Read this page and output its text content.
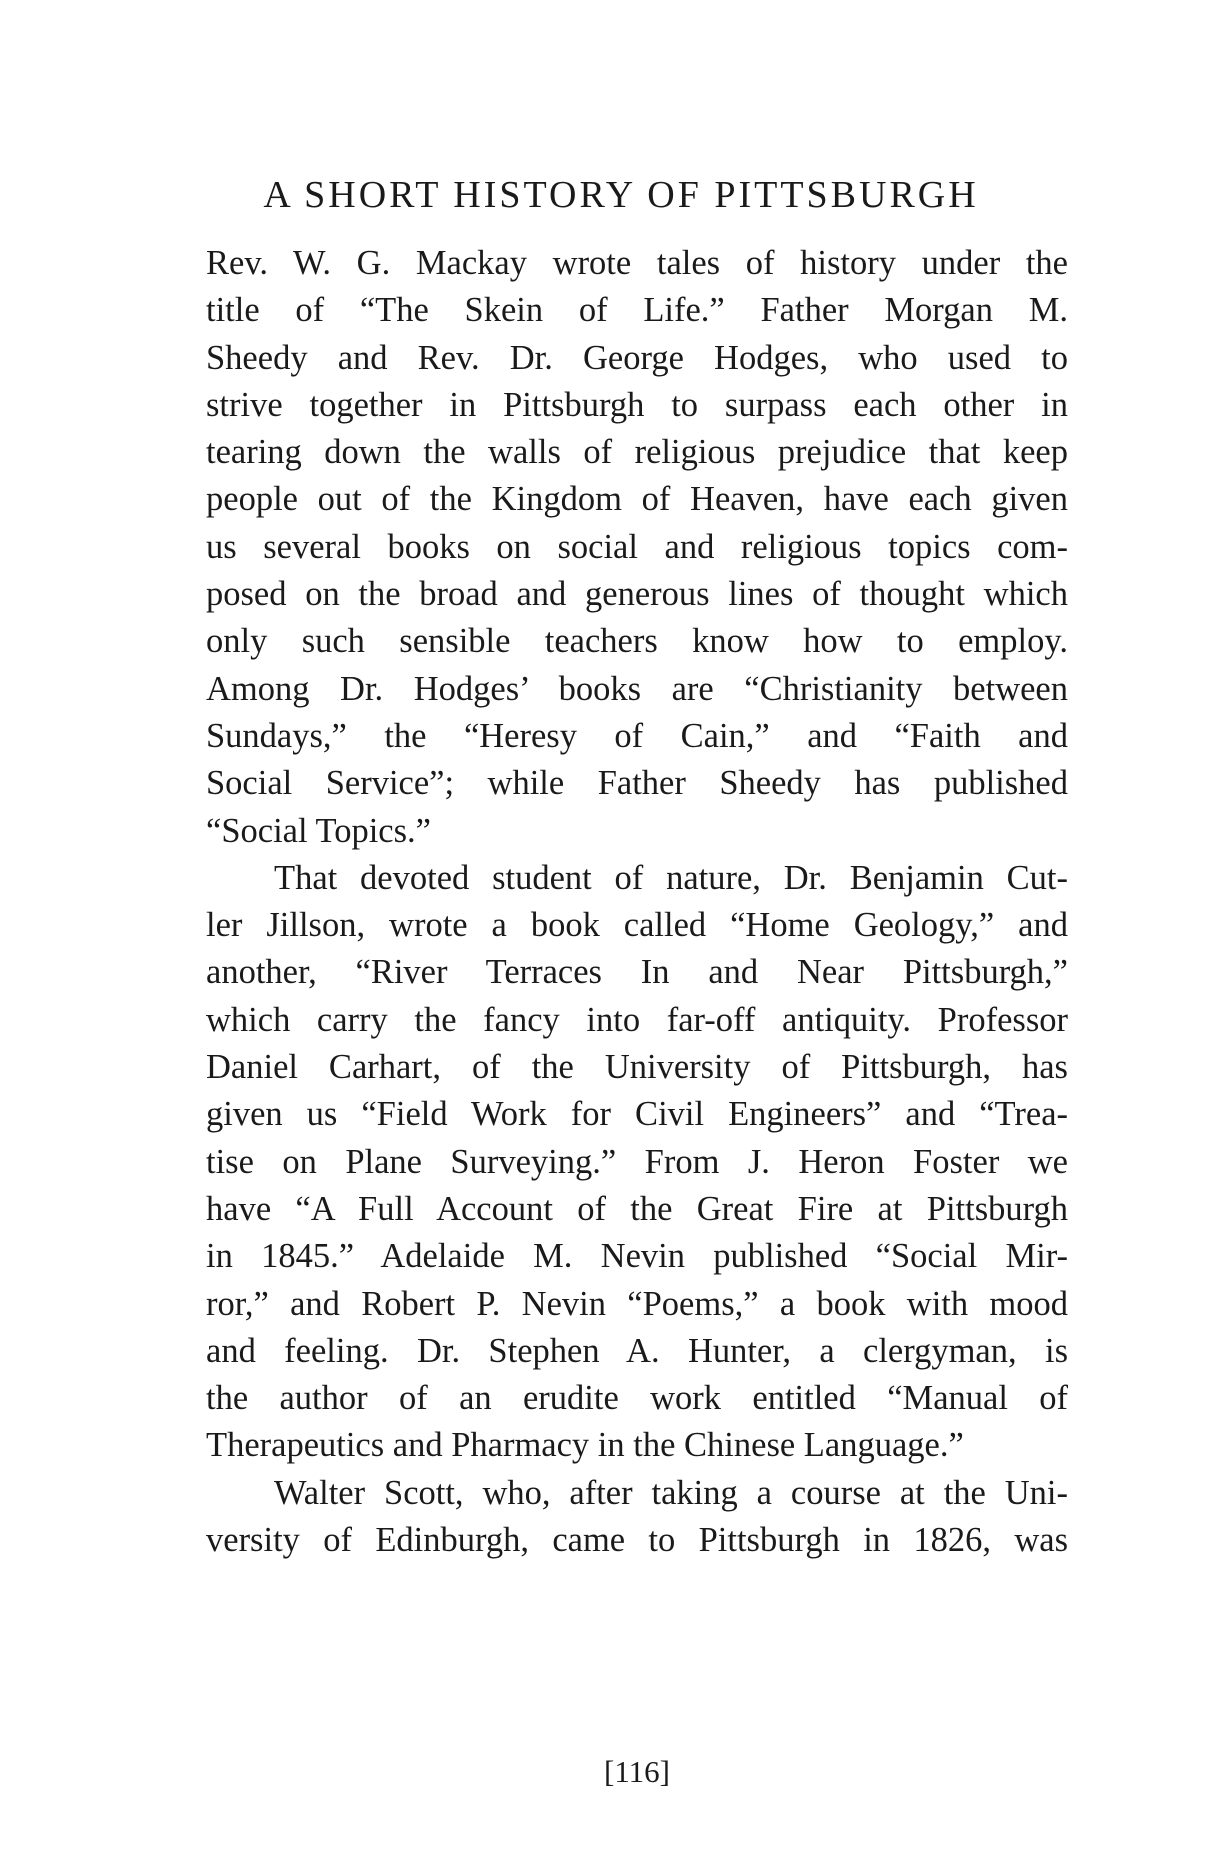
A SHORT HISTORY OF PITTSBURGH

Rev. W. G. Mackay wrote tales of history under the
title of “The Skein of Life.” Father Morgan M.
Sheedy and Rev. Dr. George Hodges, who used to
strive together in Pittsburgh to surpass each other in
tearing down the walls of religious prejudice that keep
people out of the Kingdom of Heaven, have each given
us several books on social and religious topics com-
posed on the broad and generous lines of thought which
only such sensible teachers know how to employ.
Among Dr. Hodges’ books are “Christianity between
Sundays,” the “Heresy of Cain,” and “Faith and
Social Service”; while Father Sheedy has published
“Social Topics.”

That devoted student of nature, Dr. Benjamin Cut-
ler Jillson, wrote a book called “Home Geology,” and
another, “River Terraces In and Near Pittsburgh,”
which carry the fancy into far-off antiquity. Professor
Daniel Carhart, of the University of Pittsburgh, has
given us “Field Work for Civil Engineers” and “Trea-
tise on Plane Surveying.” From J. Heron Foster we
have “A Full Account of the Great Fire at Pittsburgh
in 1845.” Adelaide M. Nevin published “Social Mir-
ror,” and Robert P. Nevin “Poems,” a book with mood
and feeling. Dr. Stephen A. Hunter, a clergyman, is
the author of an erudite work entitled “Manual of
Therapeutics and Pharmacy in the Chinese Language.”

Walter Scott, who, after taking a course at the Uni-
versity of Edinburgh, came to Pittsburgh in 1826, was

[116]
